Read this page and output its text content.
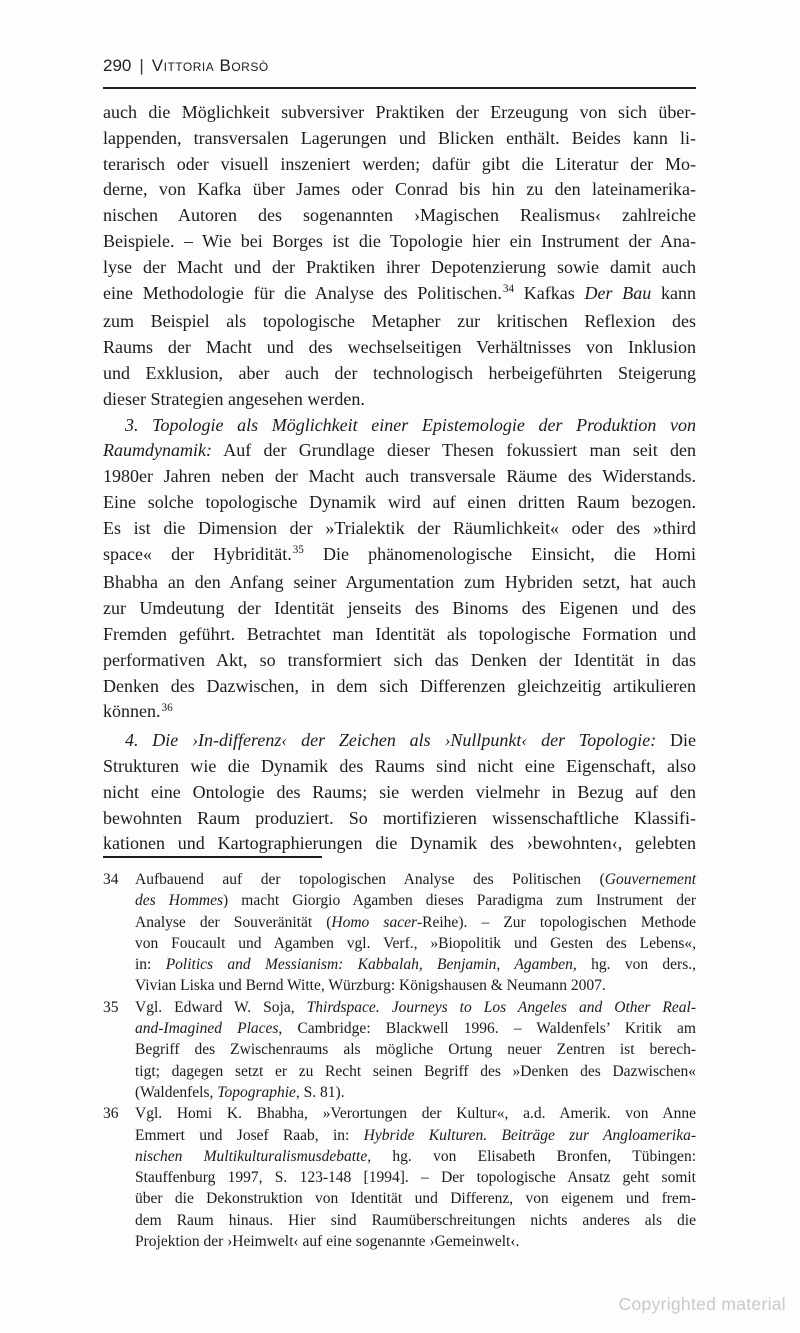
290 | Vittoria Borsò
auch die Möglichkeit subversiver Praktiken der Erzeugung von sich über-
lappenden, transversalen Lagerungen und Blicken enthält. Beides kann li-
terarisch oder visuell inszeniert werden; dafür gibt die Literatur der Mo-
derne, von Kafka über James oder Conrad bis hin zu den lateinamerika-
nischen Autoren des sogenannten ›Magischen Realismus‹ zahlreiche
Beispiele. – Wie bei Borges ist die Topologie hier ein Instrument der Ana-
lyse der Macht und der Praktiken ihrer Depotenzierung sowie damit auch
eine Methodologie für die Analyse des Politischen.$^{34}$ Kafkas Der Bau kann
zum Beispiel als topologische Metapher zur kritischen Reflexion des
Raums der Macht und des wechselseitigen Verhältnisses von Inklusion
und Exklusion, aber auch der technologisch herbeigeführten Steigerung
dieser Strategien angesehen werden.
3. Topologie als Möglichkeit einer Epistemologie der Produktion von
Raumdynamik: Auf der Grundlage dieser Thesen fokussiert man seit den
1980er Jahren neben der Macht auch transversale Räume des Widerstands.
Eine solche topologische Dynamik wird auf einen dritten Raum bezogen.
Es ist die Dimension der »Trialektik der Räumlichkeit« oder des »third
space« der Hybridität.$^{35}$ Die phänomenologische Einsicht, die Homi
Bhabha an den Anfang seiner Argumentation zum Hybriden setzt, hat auch
zur Umdeutung der Identität jenseits des Binoms des Eigenen und des
Fremden geführt. Betrachtet man Identität als topologische Formation und
performativen Akt, so transformiert sich das Denken der Identität in das
Denken des Dazwischen, in dem sich Differenzen gleichzeitig artikulieren
können.$^{36}$
4. Die ›In-differenz‹ der Zeichen als ›Nullpunkt‹ der Topologie: Die
Strukturen wie die Dynamik des Raums sind nicht eine Eigenschaft, also
nicht eine Ontologie des Raums; sie werden vielmehr in Bezug auf den
bewohnten Raum produziert. So mortifizieren wissenschaftliche Klassifi-
kationen und Kartographierungen die Dynamik des ›bewohnten‹, gelebten
34 Aufbauend auf der topologischen Analyse des Politischen (Gouvernement
des Hommes) macht Giorgio Agamben dieses Paradigma zum Instrument der
Analyse der Souveränität (Homo sacer-Reihe). – Zur topologischen Methode
von Foucault und Agamben vgl. Verf., »Biopolitik und Gesten des Lebens«,
in: Politics and Messianism: Kabbalah, Benjamin, Agamben, hg. von ders.,
Vivian Liska und Bernd Witte, Würzburg: Königshausen & Neumann 2007.
35 Vgl. Edward W. Soja, Thirdspace. Journeys to Los Angeles and Other Real-
and-Imagined Places, Cambridge: Blackwell 1996. – Waldenfels’ Kritik am
Begriff des Zwischenraums als mögliche Ortung neuer Zentren ist berech-
tigt; dagegen setzt er zu Recht seinen Begriff des »Denken des Dazwischen«
(Waldenfels, Topographie, S. 81).
36 Vgl. Homi K. Bhabha, »Verortungen der Kultur«, a.d. Amerik. von Anne
Emmert und Josef Raab, in: Hybride Kulturen. Beiträge zur Angloamerika-
nischen Multikulturalismusdebatte, hg. von Elisabeth Bronfen, Tübingen:
Stauffenburg 1997, S. 123-148 [1994]. – Der topologische Ansatz geht somit
über die Dekonstruktion von Identität und Differenz, von eigenem und frem-
dem Raum hinaus. Hier sind Raumüberschreitungen nichts anderes als die
Projektion der ›Heimwelt‹ auf eine sogenannte ›Gemeinwelt‹.
Copyrighted material
